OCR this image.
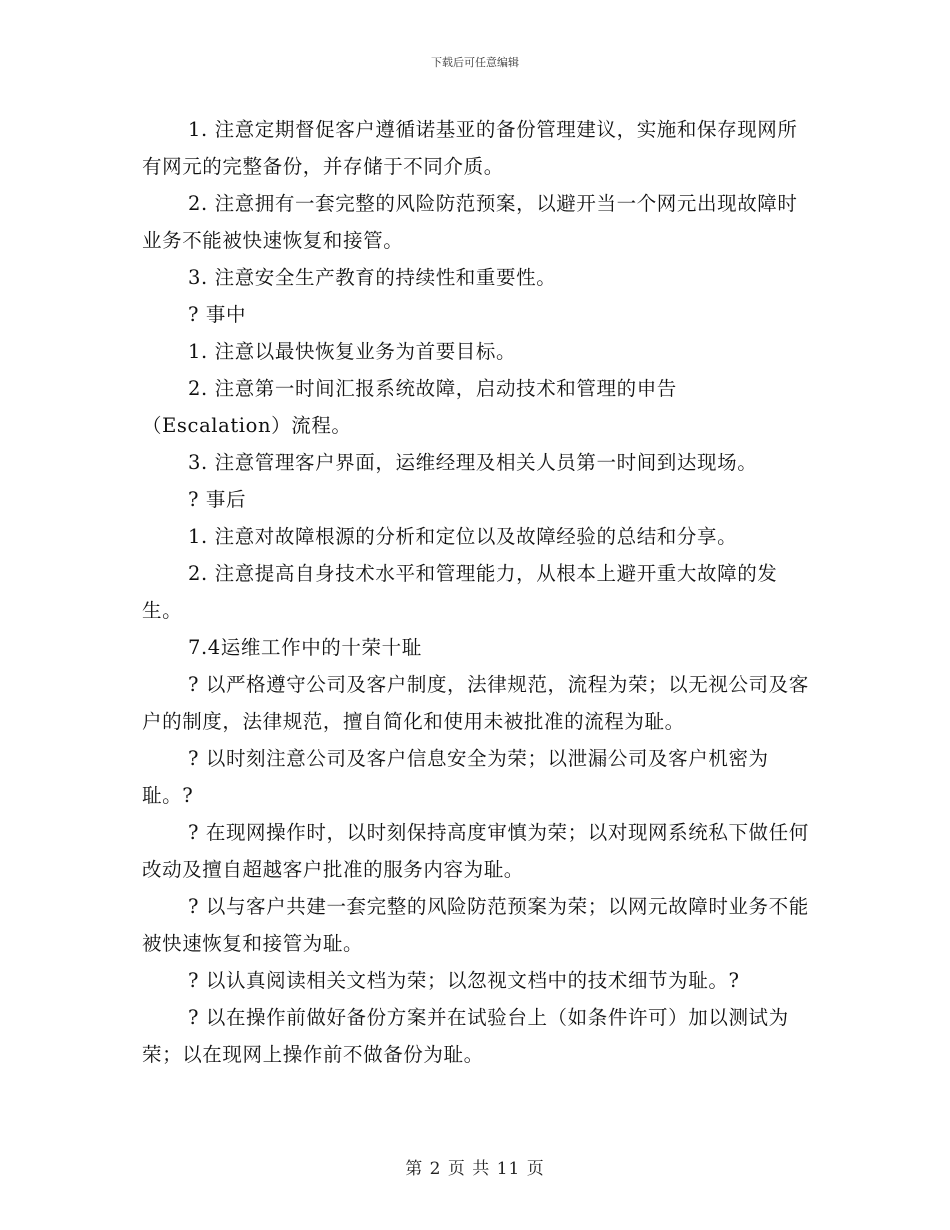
下载后可任意编辑

1. 注意定期督促客户遵循诺基亚的备份管理建议，实施和保存现网所有网元的完整备份，并存储于不同介质。

2. 注意拥有一套完整的风险防范预案，以避开当一个网元出现故障时业务不能被快速恢复和接管。

3. 注意安全生产教育的持续性和重要性。

? 事中

1. 注意以最快恢复业务为首要目标。

2. 注意第一时间汇报系统故障，启动技术和管理的申告（Escalation）流程。

3. 注意管理客户界面，运维经理及相关人员第一时间到达现场。

? 事后

1. 注意对故障根源的分析和定位以及故障经验的总结和分享。

2. 注意提高自身技术水平和管理能力，从根本上避开重大故障的发生。

7.4运维工作中的十荣十耻

? 以严格遵守公司及客户制度，法律规范，流程为荣；以无视公司及客户的制度，法律规范，擅自简化和使用未被批准的流程为耻。

? 以时刻注意公司及客户信息安全为荣；以泄漏公司及客户机密为耻。?

? 在现网操作时，以时刻保持高度审慎为荣；以对现网系统私下做任何改动及擅自超越客户批准的服务内容为耻。

? 以与客户共建一套完整的风险防范预案为荣；以网元故障时业务不能被快速恢复和接管为耻。

? 以认真阅读相关文档为荣；以忽视文档中的技术细节为耻。?

? 以在操作前做好备份方案并在试验台上（如条件许可）加以测试为荣；以在现网上操作前不做备份为耻。

第 2 页 共 11 页
